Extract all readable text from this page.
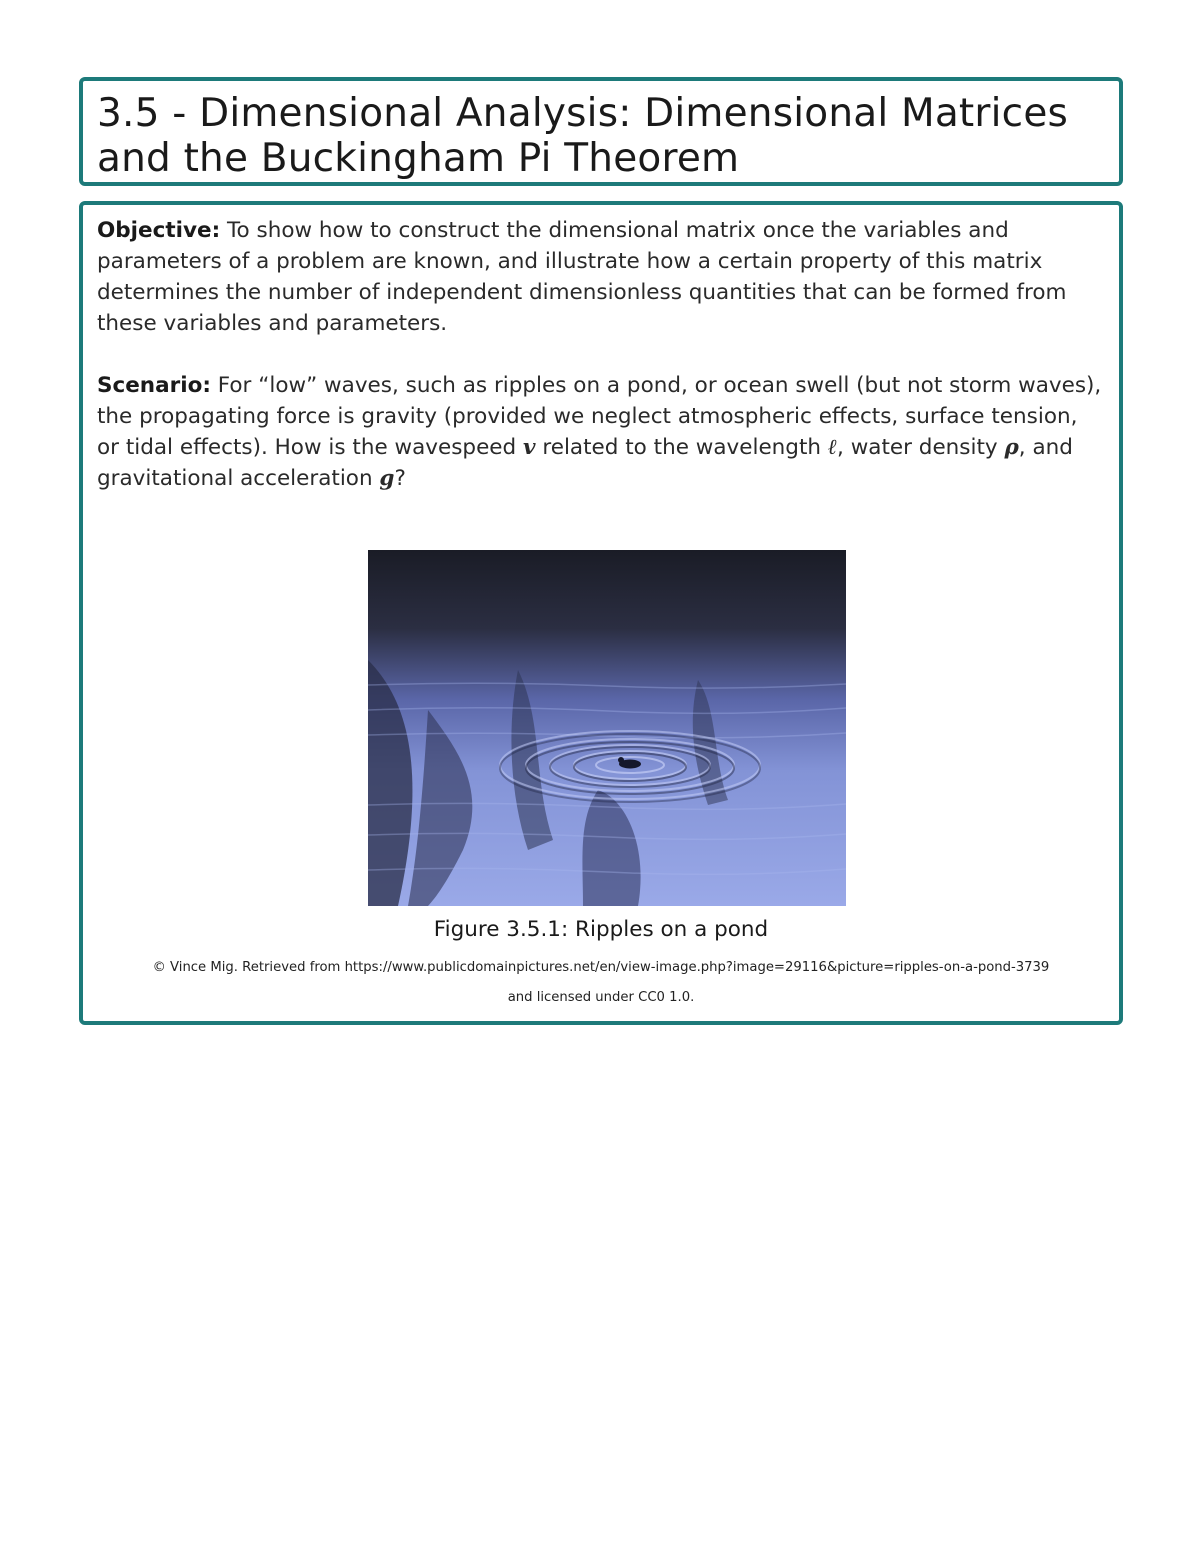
3.5 - Dimensional Analysis: Dimensional Matrices and the Buckingham Pi Theorem

Objective: To show how to construct the dimensional matrix once the variables and parameters of a problem are known, and illustrate how a certain property of this matrix determines the number of independent dimensionless quantities that can be formed from these variables and parameters.

Scenario: For “low” waves, such as ripples on a pond, or ocean swell (but not storm waves), the propagating force is gravity (provided we neglect atmospheric effects, surface tension, or tidal effects). How is the wavespeed v related to the wavelength ℓ, water density ρ, and gravitational acceleration g?

Figure 3.5.1: Ripples on a pond
© Vince Mig. Retrieved from https://www.publicdomainpictures.net/en/view-image.php?image=29116&picture=ripples-on-a-pond-3739
and licensed under CC0 1.0.
